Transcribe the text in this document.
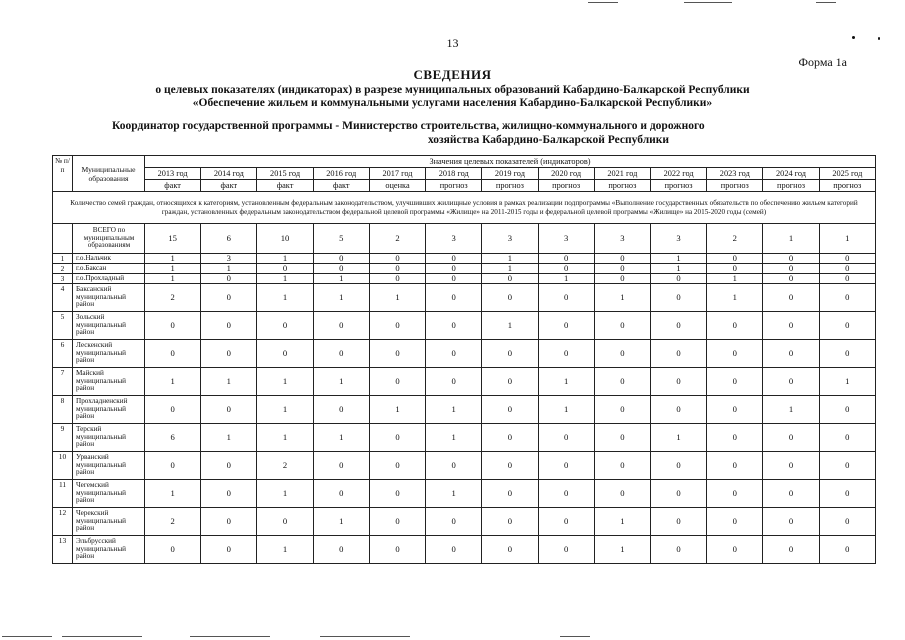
13
Форма 1а
СВЕДЕНИЯ
о целевых показателях (индикаторах) в разрезе муниципальных образований Кабардино-Балкарской Республики
«Обеспечение жильем и коммунальными услугами населения Кабардино-Балкарской Республики»
Координатор государственной программы - Министерство строительства, жилищно-коммунального и дорожного
хозяйства Кабардино-Балкарской Республики
№ п/п	Муниципальные образования	Значения целевых показателей (индикаторов)												
		2013 год	2014 год	2015 год	2016 год	2017 год	2018 год	2019 год	2020 год	2021 год	2022 год	2023 год	2024 год	2025 год
		факт	факт	факт	факт	оценка	прогноз	прогноз	прогноз	прогноз	прогноз	прогноз	прогноз	прогноз
Количество семей граждан, относящихся к категориям, установленным федеральным законодательством, улучшивших жилищные условия в рамках реализации подпрограммы «Выполнение государственных обязательств по обеспечению жильем категорий граждан, установленных федеральным законодательством федеральной целевой программы «Жилище» на 2011-2015 годы и федеральной целевой программы «Жилище» на 2015-2020 годы (семей)														
	ВСЕГО по муниципальным образованиям	15	6	10	5	2	3	3	3	3	3	2	1	1
1	г.о.Нальчик	1	3	1	0	0	0	1	0	0	1	0	0	0
2	г.о.Баксан	1	1	0	0	0	0	1	0	0	1	0	0	0
3	г.о.Прохладный	1	0	1	1	0	0	0	1	0	0	1	0	0
4	Баксанский муниципальный район	2	0	1	1	1	0	0	0	1	0	1	0	0
5	Зольский муниципальный район	0	0	0	0	0	0	1	0	0	0	0	0	0
6	Лескенский муниципальный район	0	0	0	0	0	0	0	0	0	0	0	0	0
7	Майский муниципальный район	1	1	1	1	0	0	0	1	0	0	0	0	1
8	Прохладненский муниципальный район	0	0	1	0	1	1	0	1	0	0	0	1	0
9	Терский муниципальный район	6	1	1	1	0	1	0	0	0	1	0	0	0
10	Урванский муниципальный район	0	0	2	0	0	0	0	0	0	0	0	0	0
11	Чегемский муниципальный район	1	0	1	0	0	1	0	0	0	0	0	0	0
12	Черекский муниципальный район	2	0	0	1	0	0	0	0	1	0	0	0	0
13	Эльбрусский муниципальный район	0	0	1	0	0	0	0	0	1	0	0	0	0
